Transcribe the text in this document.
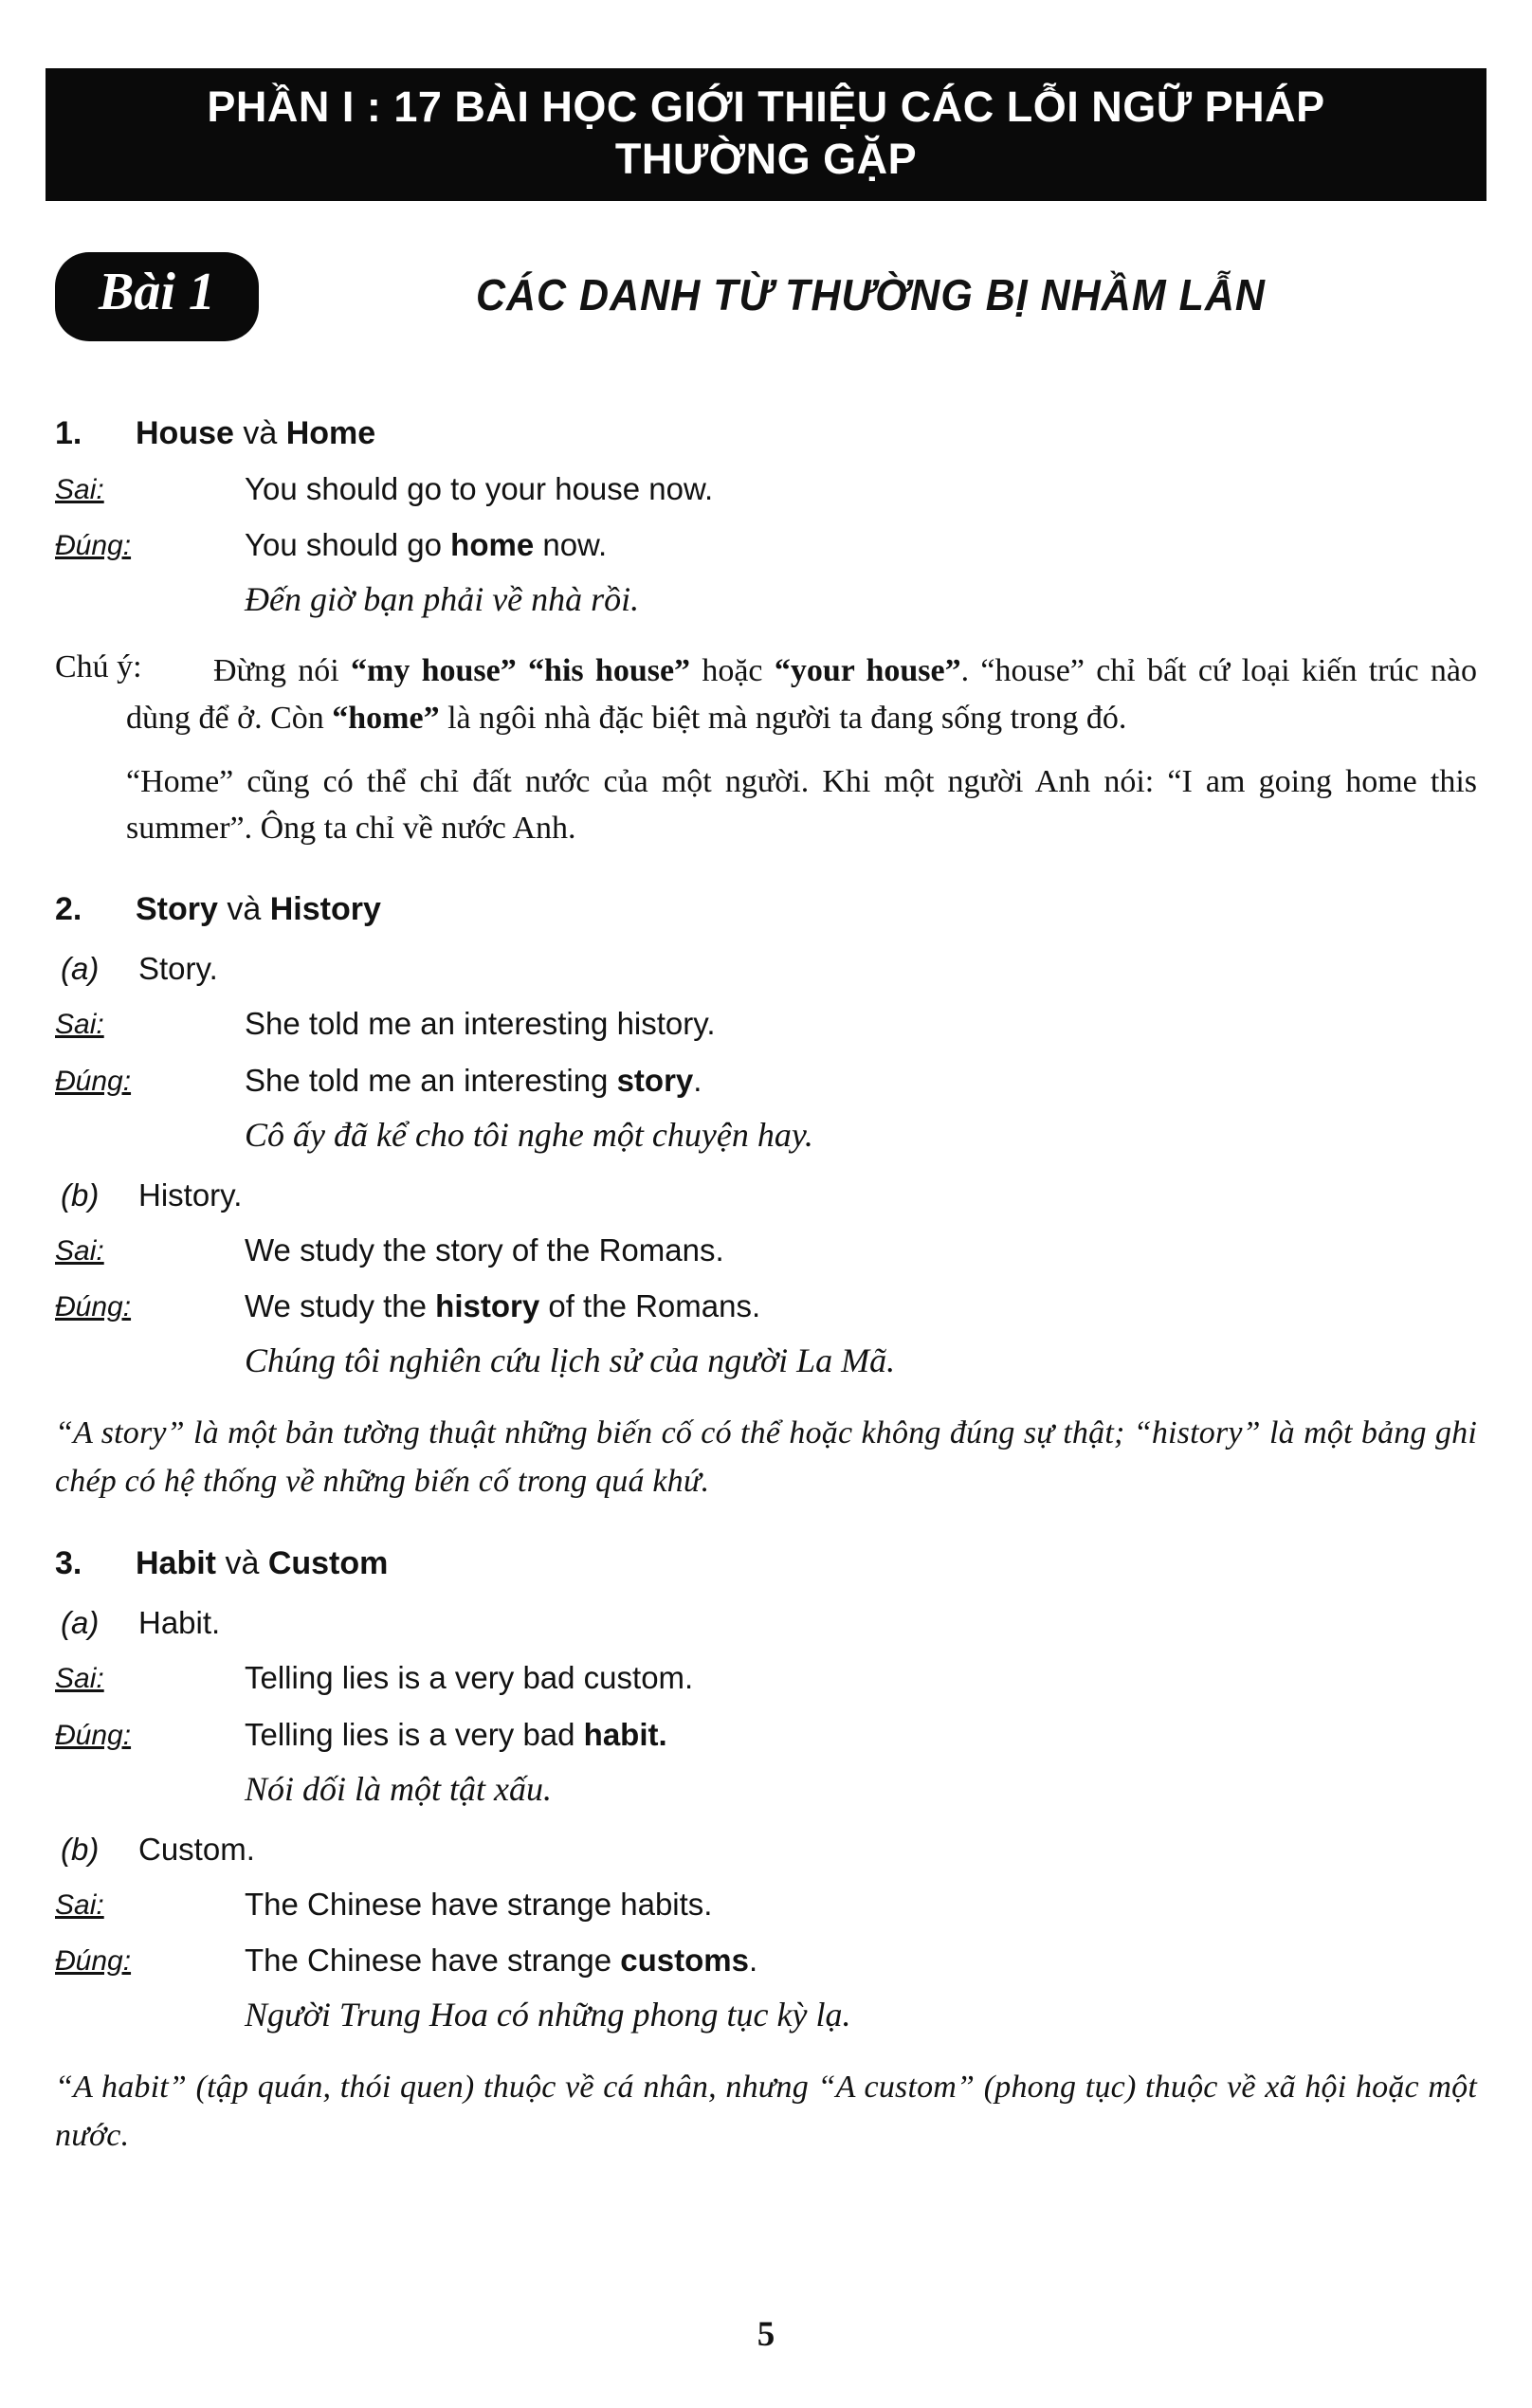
PHẦN I : 17 BÀI HỌC GIỚI THIỆU CÁC LỖI NGỮ PHÁP
THƯỜNG GẶP
Bài 1	CÁC DANH TỪ THƯỜNG BỊ NHẦM LẪN
1.	House và Home
Sai:	You should go to your house now.
Đúng:	You should go home now.
Đến giờ bạn phải về nhà rồi.
Chú ý:	Đừng nói “my house” “his house” hoặc “your house”. “house” chỉ bất cứ loại kiến trúc nào dùng để ở. Còn “home” là ngôi nhà đặc biệt mà người ta đang sống trong đó.

“Home” cũng có thể chỉ đất nước của một người. Khi một người Anh nói: “I am going home this summer”. Ông ta chỉ về nước Anh.

2.	Story và History
(a)	Story.
Sai:	She told me an interesting history.
Đúng:	She told me an interesting story.
Cô ấy đã kể cho tôi nghe một chuyện hay.
(b)	History.
Sai:	We study the story of the Romans.
Đúng:	We study the history of the Romans.
Chúng tôi nghiên cứu lịch sử của người La Mã.

“A story” là một bản tường thuật những biến cố có thể hoặc không đúng sự thật; “history” là một bảng ghi chép có hệ thống về những biến cố trong quá khứ.

3.	Habit và Custom
(a)	Habit.
Sai:	Telling lies is a very bad custom.
Đúng:	Telling lies is a very bad habit.
Nói dối là một tật xấu.
(b)	Custom.
Sai:	The Chinese have strange habits.
Đúng:	The Chinese have strange customs.
Người Trung Hoa có những phong tục kỳ lạ.

“A habit” (tập quán, thói quen) thuộc về cá nhân, nhưng “A custom” (phong tục) thuộc về xã hội hoặc một nước.

5
